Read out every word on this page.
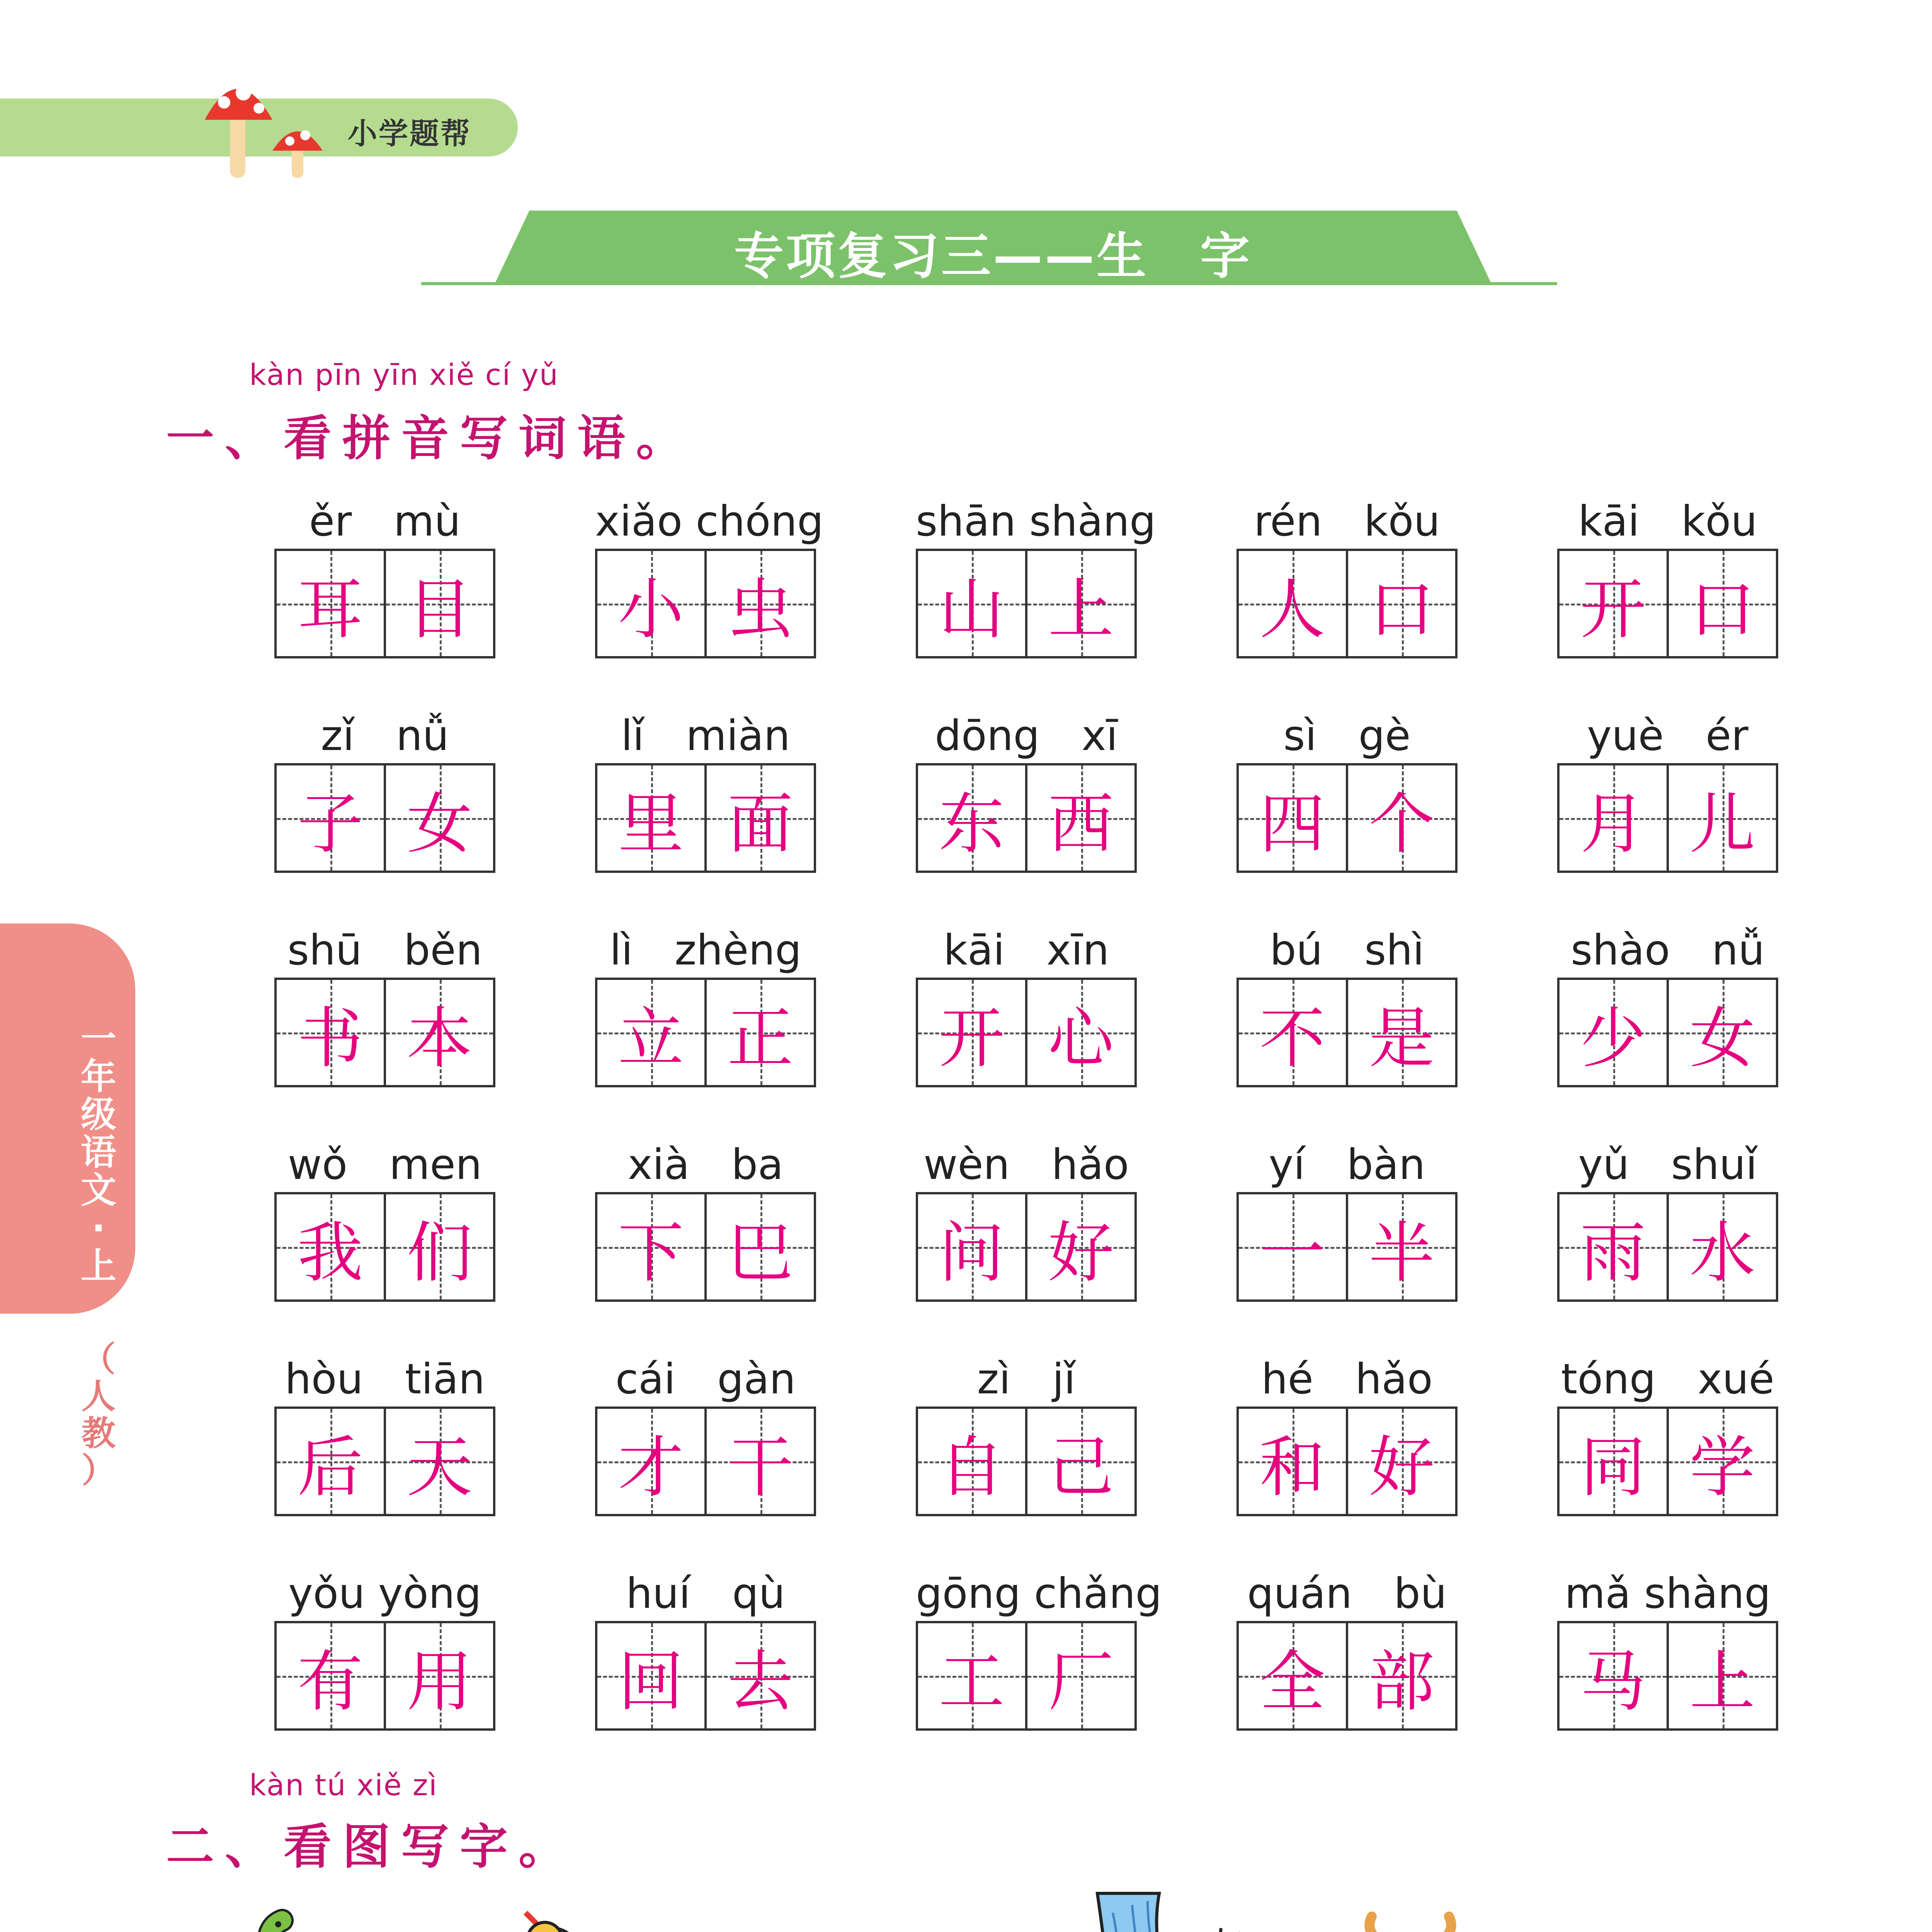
小学题帮
专项复习三——生　字
一
年
级
语
文
·
上
（
人
教
）
kàn pīn yīn xiě cí yǔ
一、看拼音写词语。
ěr　mù
耳 目
xiǎo chóng
小 虫
shān shàng
山 上
rén　kǒu
人 口
kāi　kǒu
开 口
zǐ　nǚ
子 女
lǐ　miàn
里 面
dōng　xī
东 西
sì　gè
四 个
yuè　ér
月 儿
shū　běn
书 本
lì　zhèng
立 正
kāi　xīn
开 心
bú　shì
不 是
shào　nǚ
少 女
wǒ　men
我 们
xià　ba
下 巴
wèn　hǎo
问 好
yí　bàn
一 半
yǔ　shuǐ
雨 水
hòu　tiān
后 天
cái　gàn
才 干
zì　jǐ
自 己
hé　hǎo
和 好
tóng　xué
同 学
yǒu yòng
有 用
huí　qù
回 去
gōng chǎng
工 厂
quán　bù
全 部
mǎ shàng
马 上
kàn tú xiě zì
二、看图写字。
